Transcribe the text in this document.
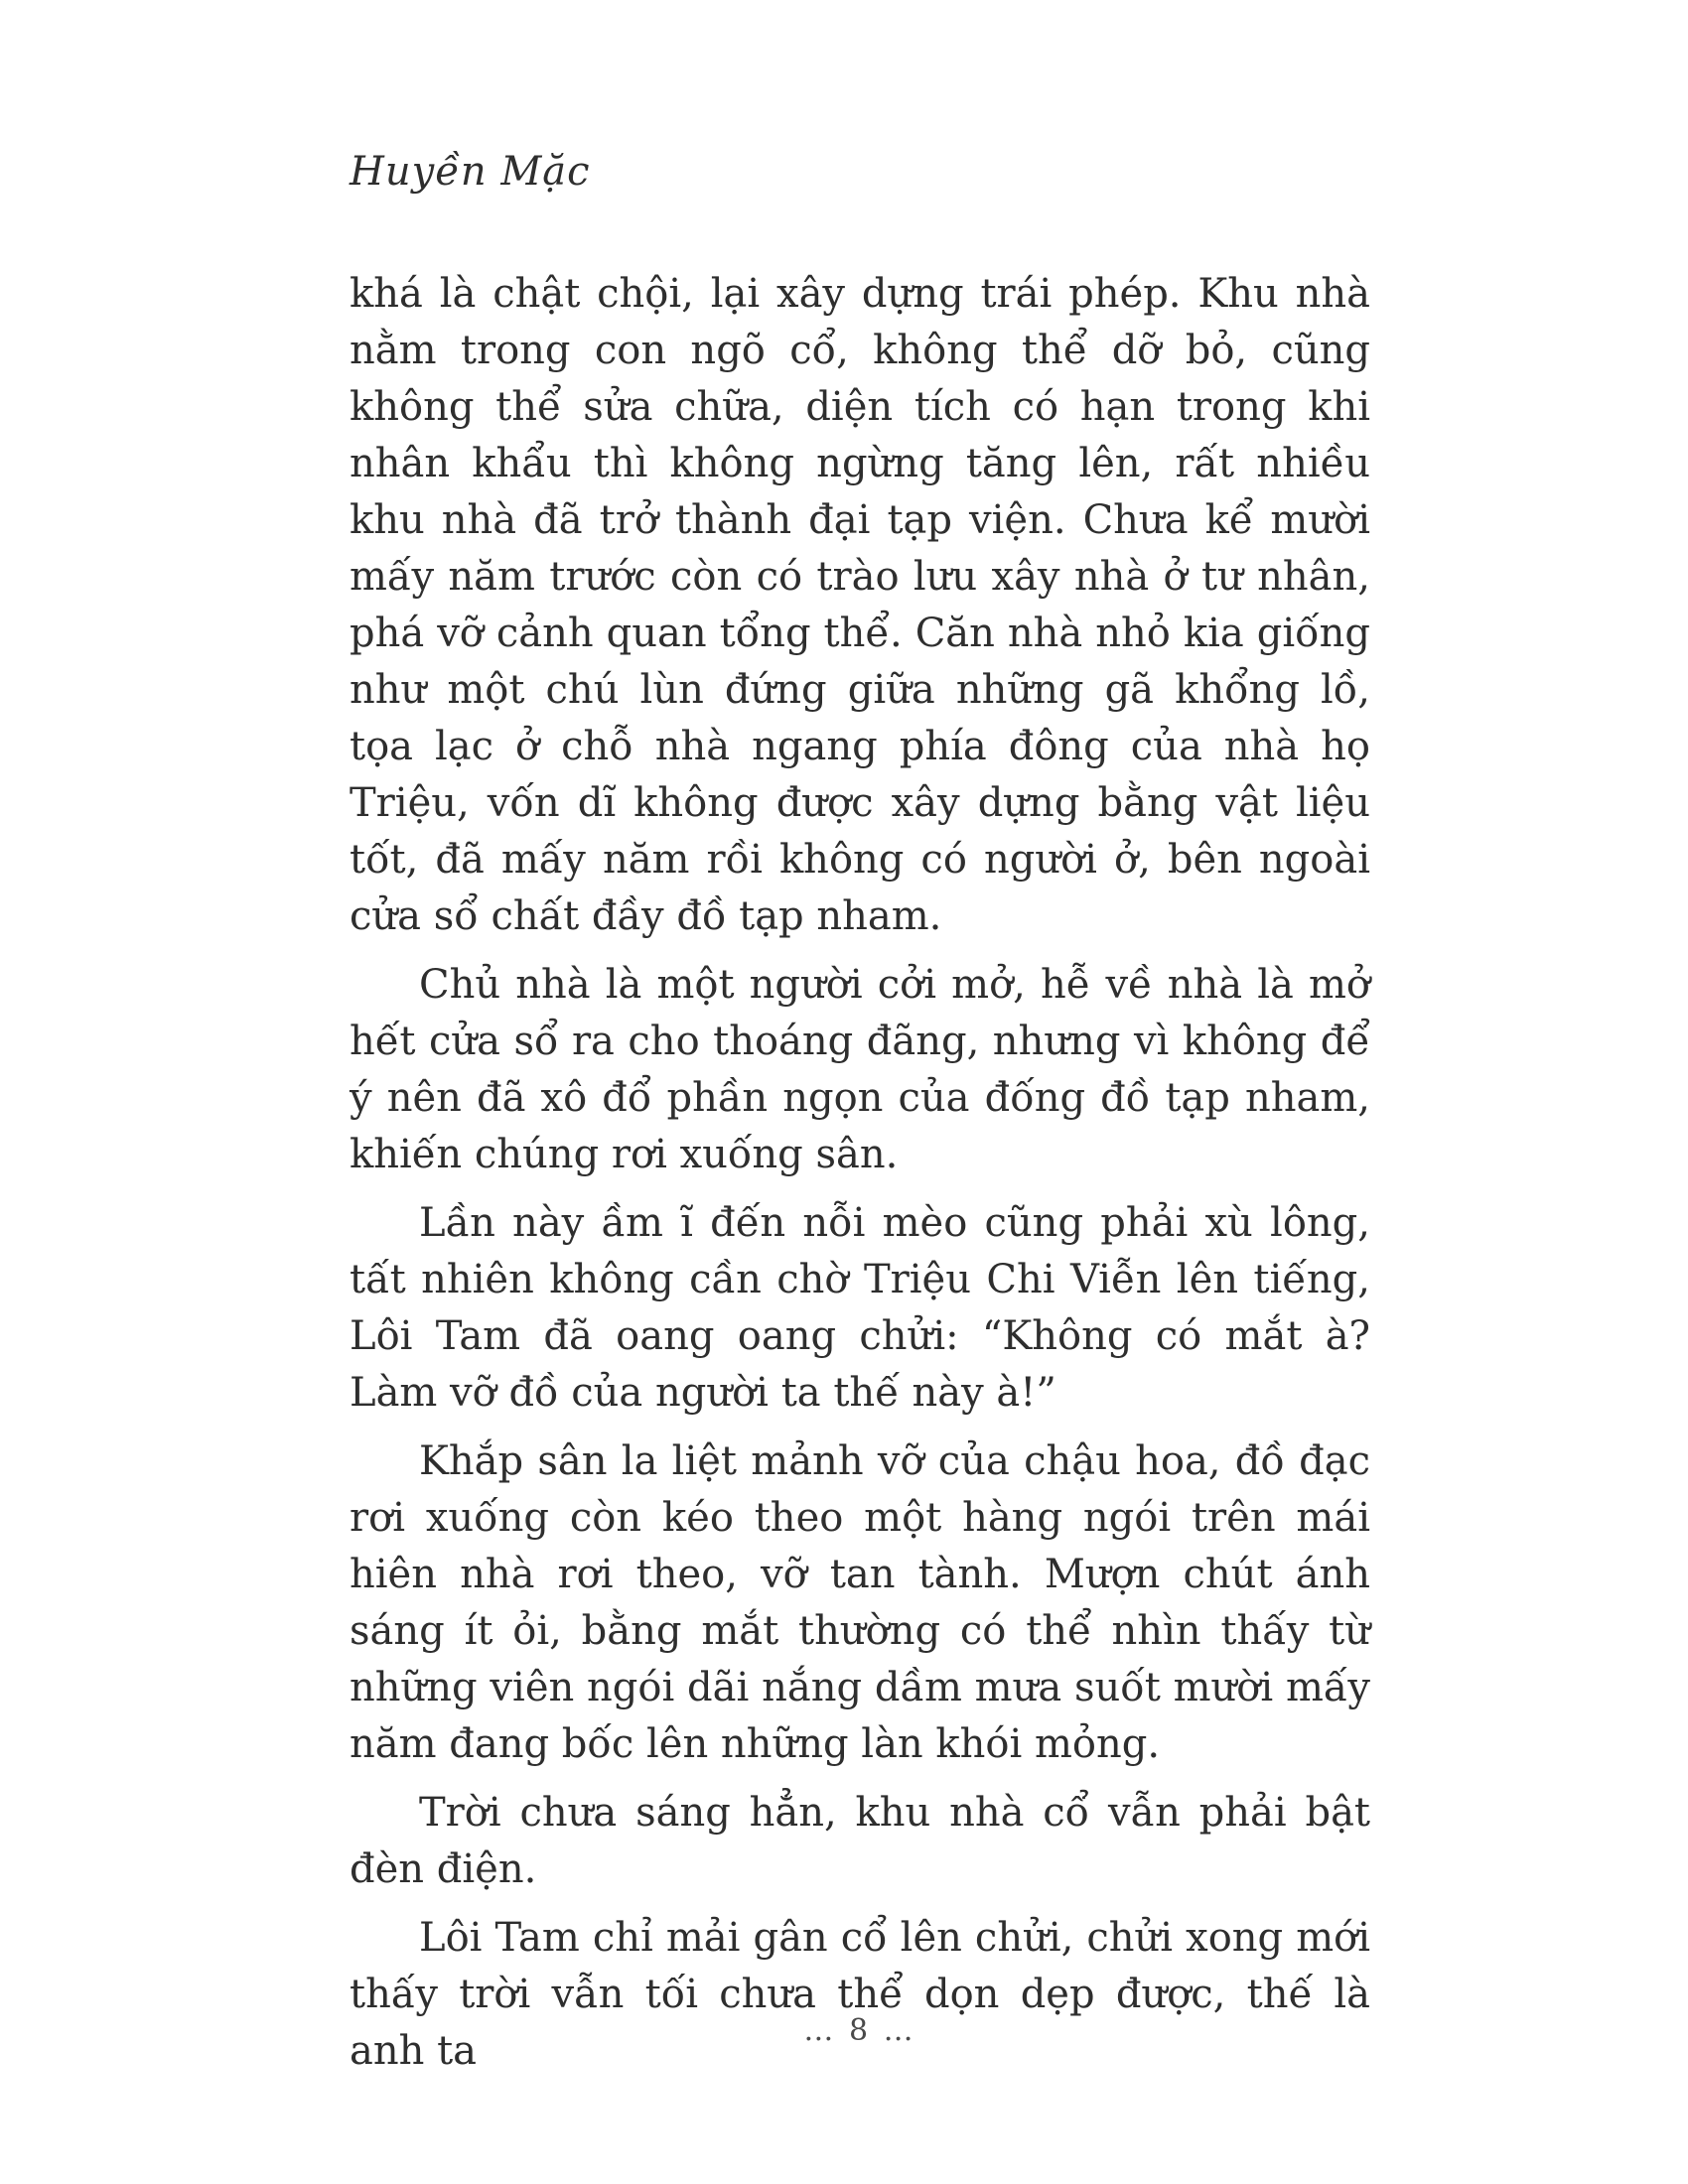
Huyền Mặc

khá là chật chội, lại xây dựng trái phép. Khu nhà nằm trong con ngõ cổ, không thể dỡ bỏ, cũng không thể sửa chữa, diện tích có hạn trong khi nhân khẩu thì không ngừng tăng lên, rất nhiều khu nhà đã trở thành đại tạp viện. Chưa kể mười mấy năm trước còn có trào lưu xây nhà ở tư nhân, phá vỡ cảnh quan tổng thể. Căn nhà nhỏ kia giống như một chú lùn đứng giữa những gã khổng lồ, tọa lạc ở chỗ nhà ngang phía đông của nhà họ Triệu, vốn dĩ không được xây dựng bằng vật liệu tốt, đã mấy năm rồi không có người ở, bên ngoài cửa sổ chất đầy đồ tạp nham.

Chủ nhà là một người cởi mở, hễ về nhà là mở hết cửa sổ ra cho thoáng đãng, nhưng vì không để ý nên đã xô đổ phần ngọn của đống đồ tạp nham, khiến chúng rơi xuống sân.

Lần này ầm ĩ đến nỗi mèo cũng phải xù lông, tất nhiên không cần chờ Triệu Chi Viễn lên tiếng, Lôi Tam đã oang oang chửi: “Không có mắt à? Làm vỡ đồ của người ta thế này à!”

Khắp sân la liệt mảnh vỡ của chậu hoa, đồ đạc rơi xuống còn kéo theo một hàng ngói trên mái hiên nhà rơi theo, vỡ tan tành. Mượn chút ánh sáng ít ỏi, bằng mắt thường có thể nhìn thấy từ những viên ngói dãi nắng dầm mưa suốt mười mấy năm đang bốc lên những làn khói mỏng.

Trời chưa sáng hẳn, khu nhà cổ vẫn phải bật đèn điện.

Lôi Tam chỉ mải gân cổ lên chửi, chửi xong mới thấy trời vẫn tối chưa thể dọn dẹp được, thế là anh ta	… 8 …
